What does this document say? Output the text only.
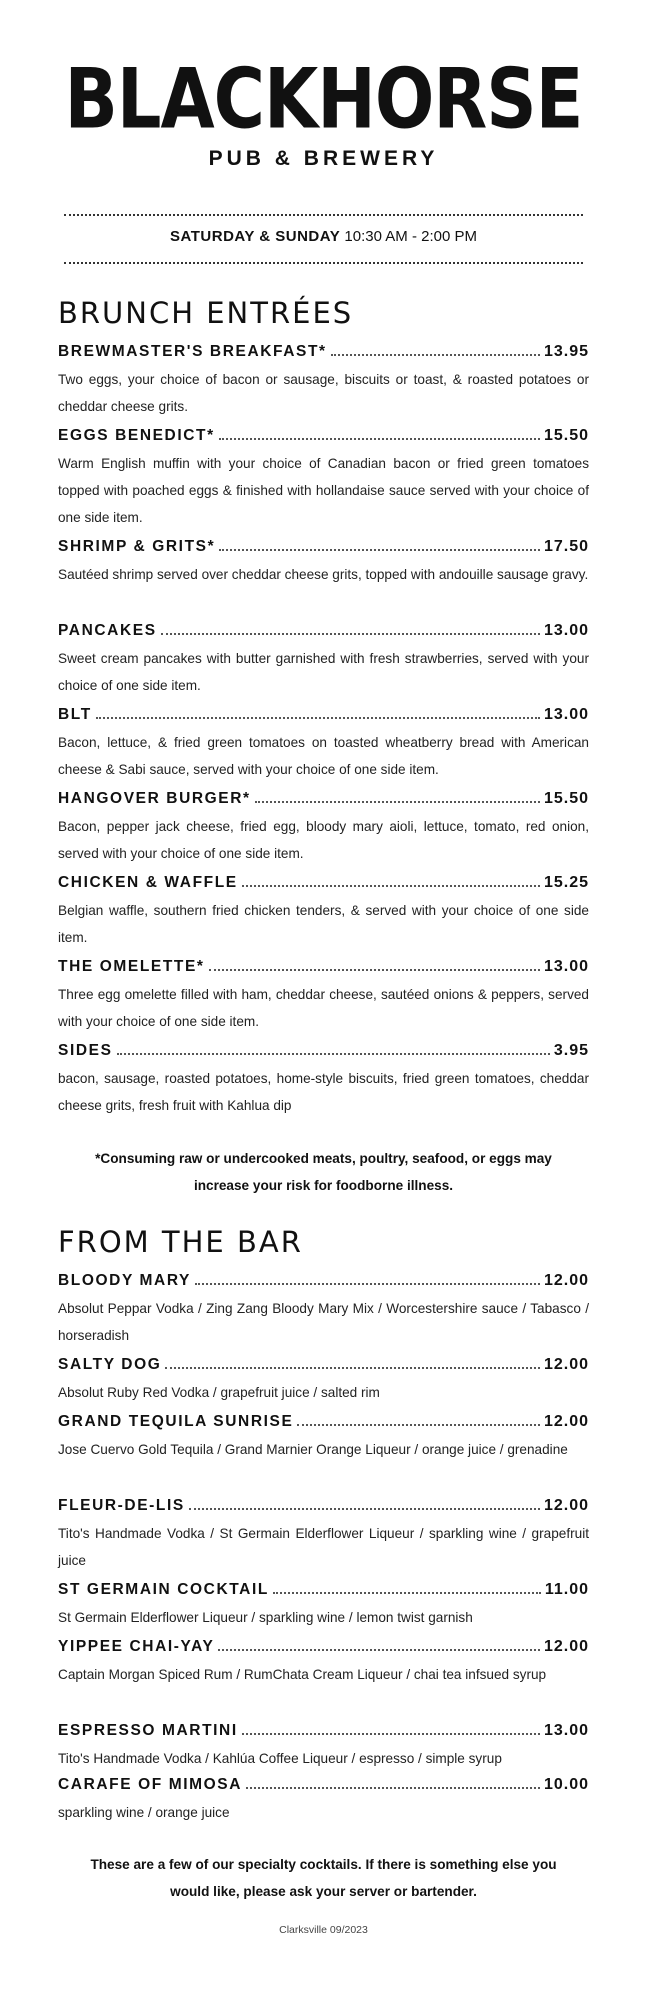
BLACKHORSE
PUB & BREWERY
SATURDAY & SUNDAY 10:30 AM - 2:00 PM
BRUNCH ENTRÉES
BREWMASTER'S BREAKFAST*	13.95
Two eggs, your choice of bacon or sausage, biscuits or toast, & roasted potatoes or cheddar cheese grits.
EGGS BENEDICT*	15.50
Warm English muffin with your choice of Canadian bacon or fried green tomatoes topped with poached eggs & finished with hollandaise sauce served with your choice of one side item.
SHRIMP & GRITS*	17.50
Sautéed shrimp served over cheddar cheese grits, topped with andouille sausage gravy.
PANCAKES	13.00
Sweet cream pancakes with butter garnished with fresh strawberries, served with your choice of one side item.
BLT	13.00
Bacon, lettuce, & fried green tomatoes on toasted wheatberry bread with American cheese & Sabi sauce, served with your choice of one side item.
HANGOVER BURGER*	15.50
Bacon, pepper jack cheese, fried egg, bloody mary aioli, lettuce, tomato, red onion, served with your choice of one side item.
CHICKEN & WAFFLE	15.25
Belgian waffle, southern fried chicken tenders, & served with your choice of one side item.
THE OMELETTE*	13.00
Three egg omelette filled with ham, cheddar cheese, sautéed onions & peppers, served with your choice of one side item.
SIDES	3.95
bacon, sausage, roasted potatoes, home-style biscuits, fried green tomatoes, cheddar cheese grits, fresh fruit with Kahlua dip
*Consuming raw or undercooked meats, poultry, seafood, or eggs may
increase your risk for foodborne illness.
FROM THE BAR
BLOODY MARY	12.00
Absolut Peppar Vodka / Zing Zang Bloody Mary Mix / Worcestershire sauce / Tabasco / horseradish
SALTY DOG	12.00
Absolut Ruby Red Vodka / grapefruit juice / salted rim
GRAND TEQUILA SUNRISE	12.00
Jose Cuervo Gold Tequila / Grand Marnier Orange Liqueur / orange juice / grenadine
FLEUR-DE-LIS	12.00
Tito's Handmade Vodka / St Germain Elderflower Liqueur / sparkling wine / grapefruit juice
ST GERMAIN COCKTAIL	11.00
St Germain Elderflower Liqueur / sparkling wine / lemon twist garnish
YIPPEE CHAI-YAY	12.00
Captain Morgan Spiced Rum / RumChata Cream Liqueur / chai tea infsued syrup
ESPRESSO MARTINI	13.00
Tito's Handmade Vodka / Kahlúa Coffee Liqueur / espresso / simple syrup
CARAFE OF MIMOSA	10.00
sparkling wine / orange juice
These are a few of our specialty cocktails. If there is something else you
would like, please ask your server or bartender.
Clarksville 09/2023
